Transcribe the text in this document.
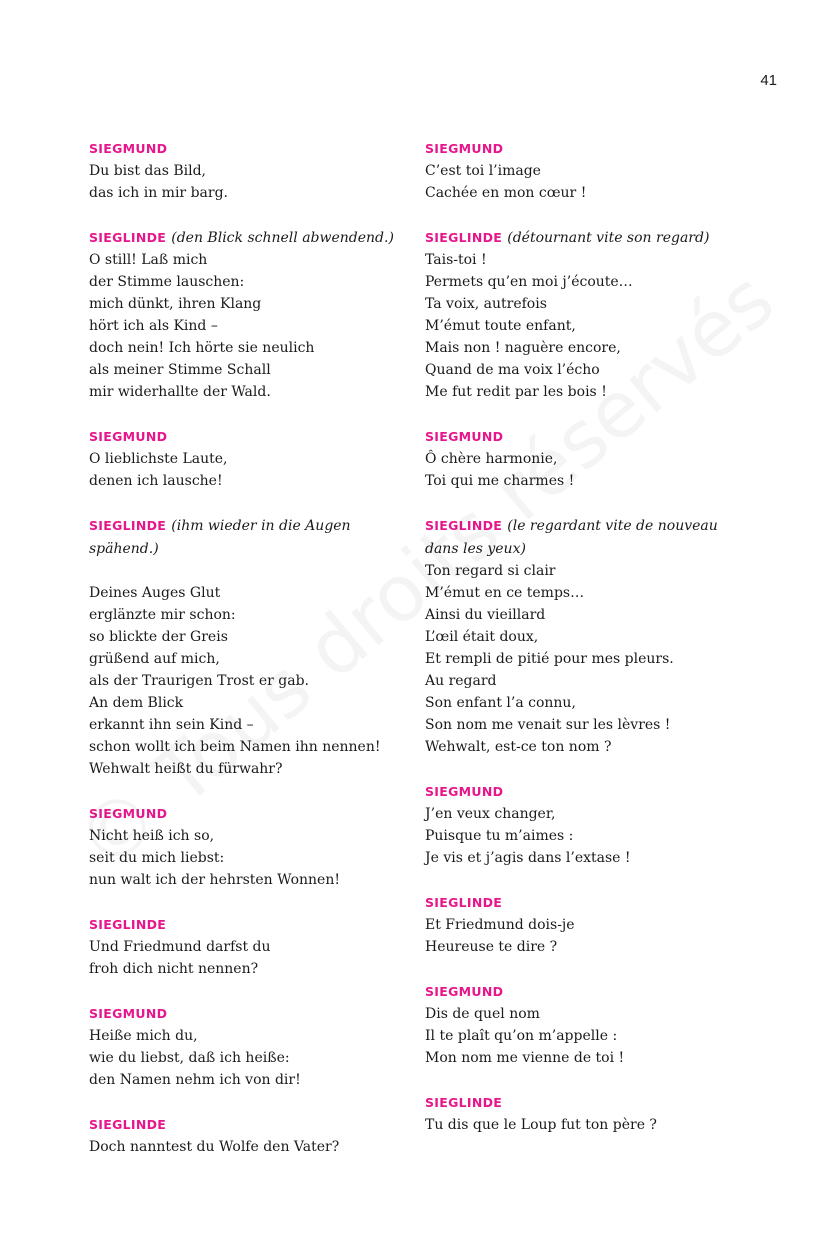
41
SIEGMUND
Du bist das Bild,
das ich in mir barg.
SIEGLINDE (den Blick schnell abwendend.)
O still! Laß mich
der Stimme lauschen:
mich dünkt, ihren Klang
hört ich als Kind –
doch nein! Ich hörte sie neulich
als meiner Stimme Schall
mir widerhallte der Wald.
SIEGMUND
O lieblichste Laute,
denen ich lausche!
SIEGLINDE (ihm wieder in die Augen spähend.)
Deines Auges Glut
erglänzte mir schon:
so blickte der Greis
grüßend auf mich,
als der Traurigen Trost er gab.
An dem Blick
erkannt ihn sein Kind –
schon wollt ich beim Namen ihn nennen!
Wehwalt heißt du fürwahr?
SIEGMUND
Nicht heiß ich so,
seit du mich liebst:
nun walt ich der hehrsten Wonnen!
SIEGLINDE
Und Friedmund darfst du
froh dich nicht nennen?
SIEGMUND
Heiße mich du,
wie du liebst, daß ich heiße:
den Namen nehm ich von dir!
SIEGLINDE
Doch nanntest du Wolfe den Vater?
SIEGMUND
C’est toi l’image
Cachée en mon cœur !
SIEGLINDE (détournant vite son regard)
Tais-toi !
Permets qu’en moi j’écoute…
Ta voix, autrefois
M’émut toute enfant,
Mais non ! naguère encore,
Quand de ma voix l’écho
Me fut redit par les bois !
SIEGMUND
Ô chère harmonie,
Toi qui me charmes !
SIEGLINDE (le regardant vite de nouveau dans les yeux)
Ton regard si clair
M’émut en ce temps…
Ainsi du vieillard
L’œil était doux,
Et rempli de pitié pour mes pleurs.
Au regard
Son enfant l’a connu,
Son nom me venait sur les lèvres !
Wehwalt, est-ce ton nom ?
SIEGMUND
J’en veux changer,
Puisque tu m’aimes :
Je vis et j’agis dans l’extase !
SIEGLINDE
Et Friedmund dois-je
Heureuse te dire ?
SIEGMUND
Dis de quel nom
Il te plaît qu’on m’appelle :
Mon nom me vienne de toi !
SIEGLINDE
Tu dis que le Loup fut ton père ?
